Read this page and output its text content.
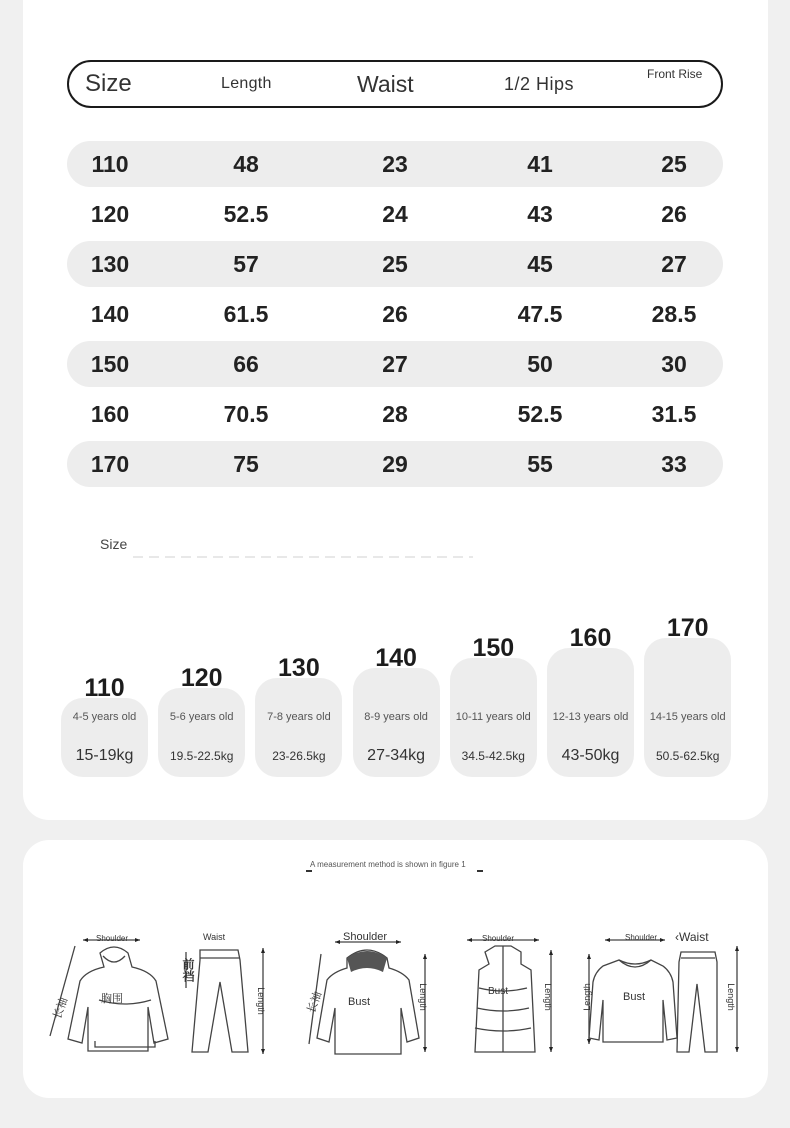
Size	Length	Waist	1/2 Hips	Front Rise
110	48	23	41	25
120	52.5	24	43	26
130	57	25	45	27
140	61.5	26	47.5	28.5
150	66	27	50	30
160	70.5	28	52.5	31.5
170	75	29	55	33
Size
110
4-5 years old
15-19kg
120
5-6 years old
19.5-22.5kg
130
7-8 years old
23-26.5kg
140
8-9 years old
27-34kg
150
10-11 years old
34.5-42.5kg
160
12-13 years old
43-50kg
170
14-15 years old
50.5-62.5kg
A measurement method is shown in figure 1
Shoulder
长袖	胸围
Waist
前裆
Length
Shoulder
长袖 Bust	Length
Shoulder
Bust	Length
Shoulder
Length	Bust
‹Waist
Length
